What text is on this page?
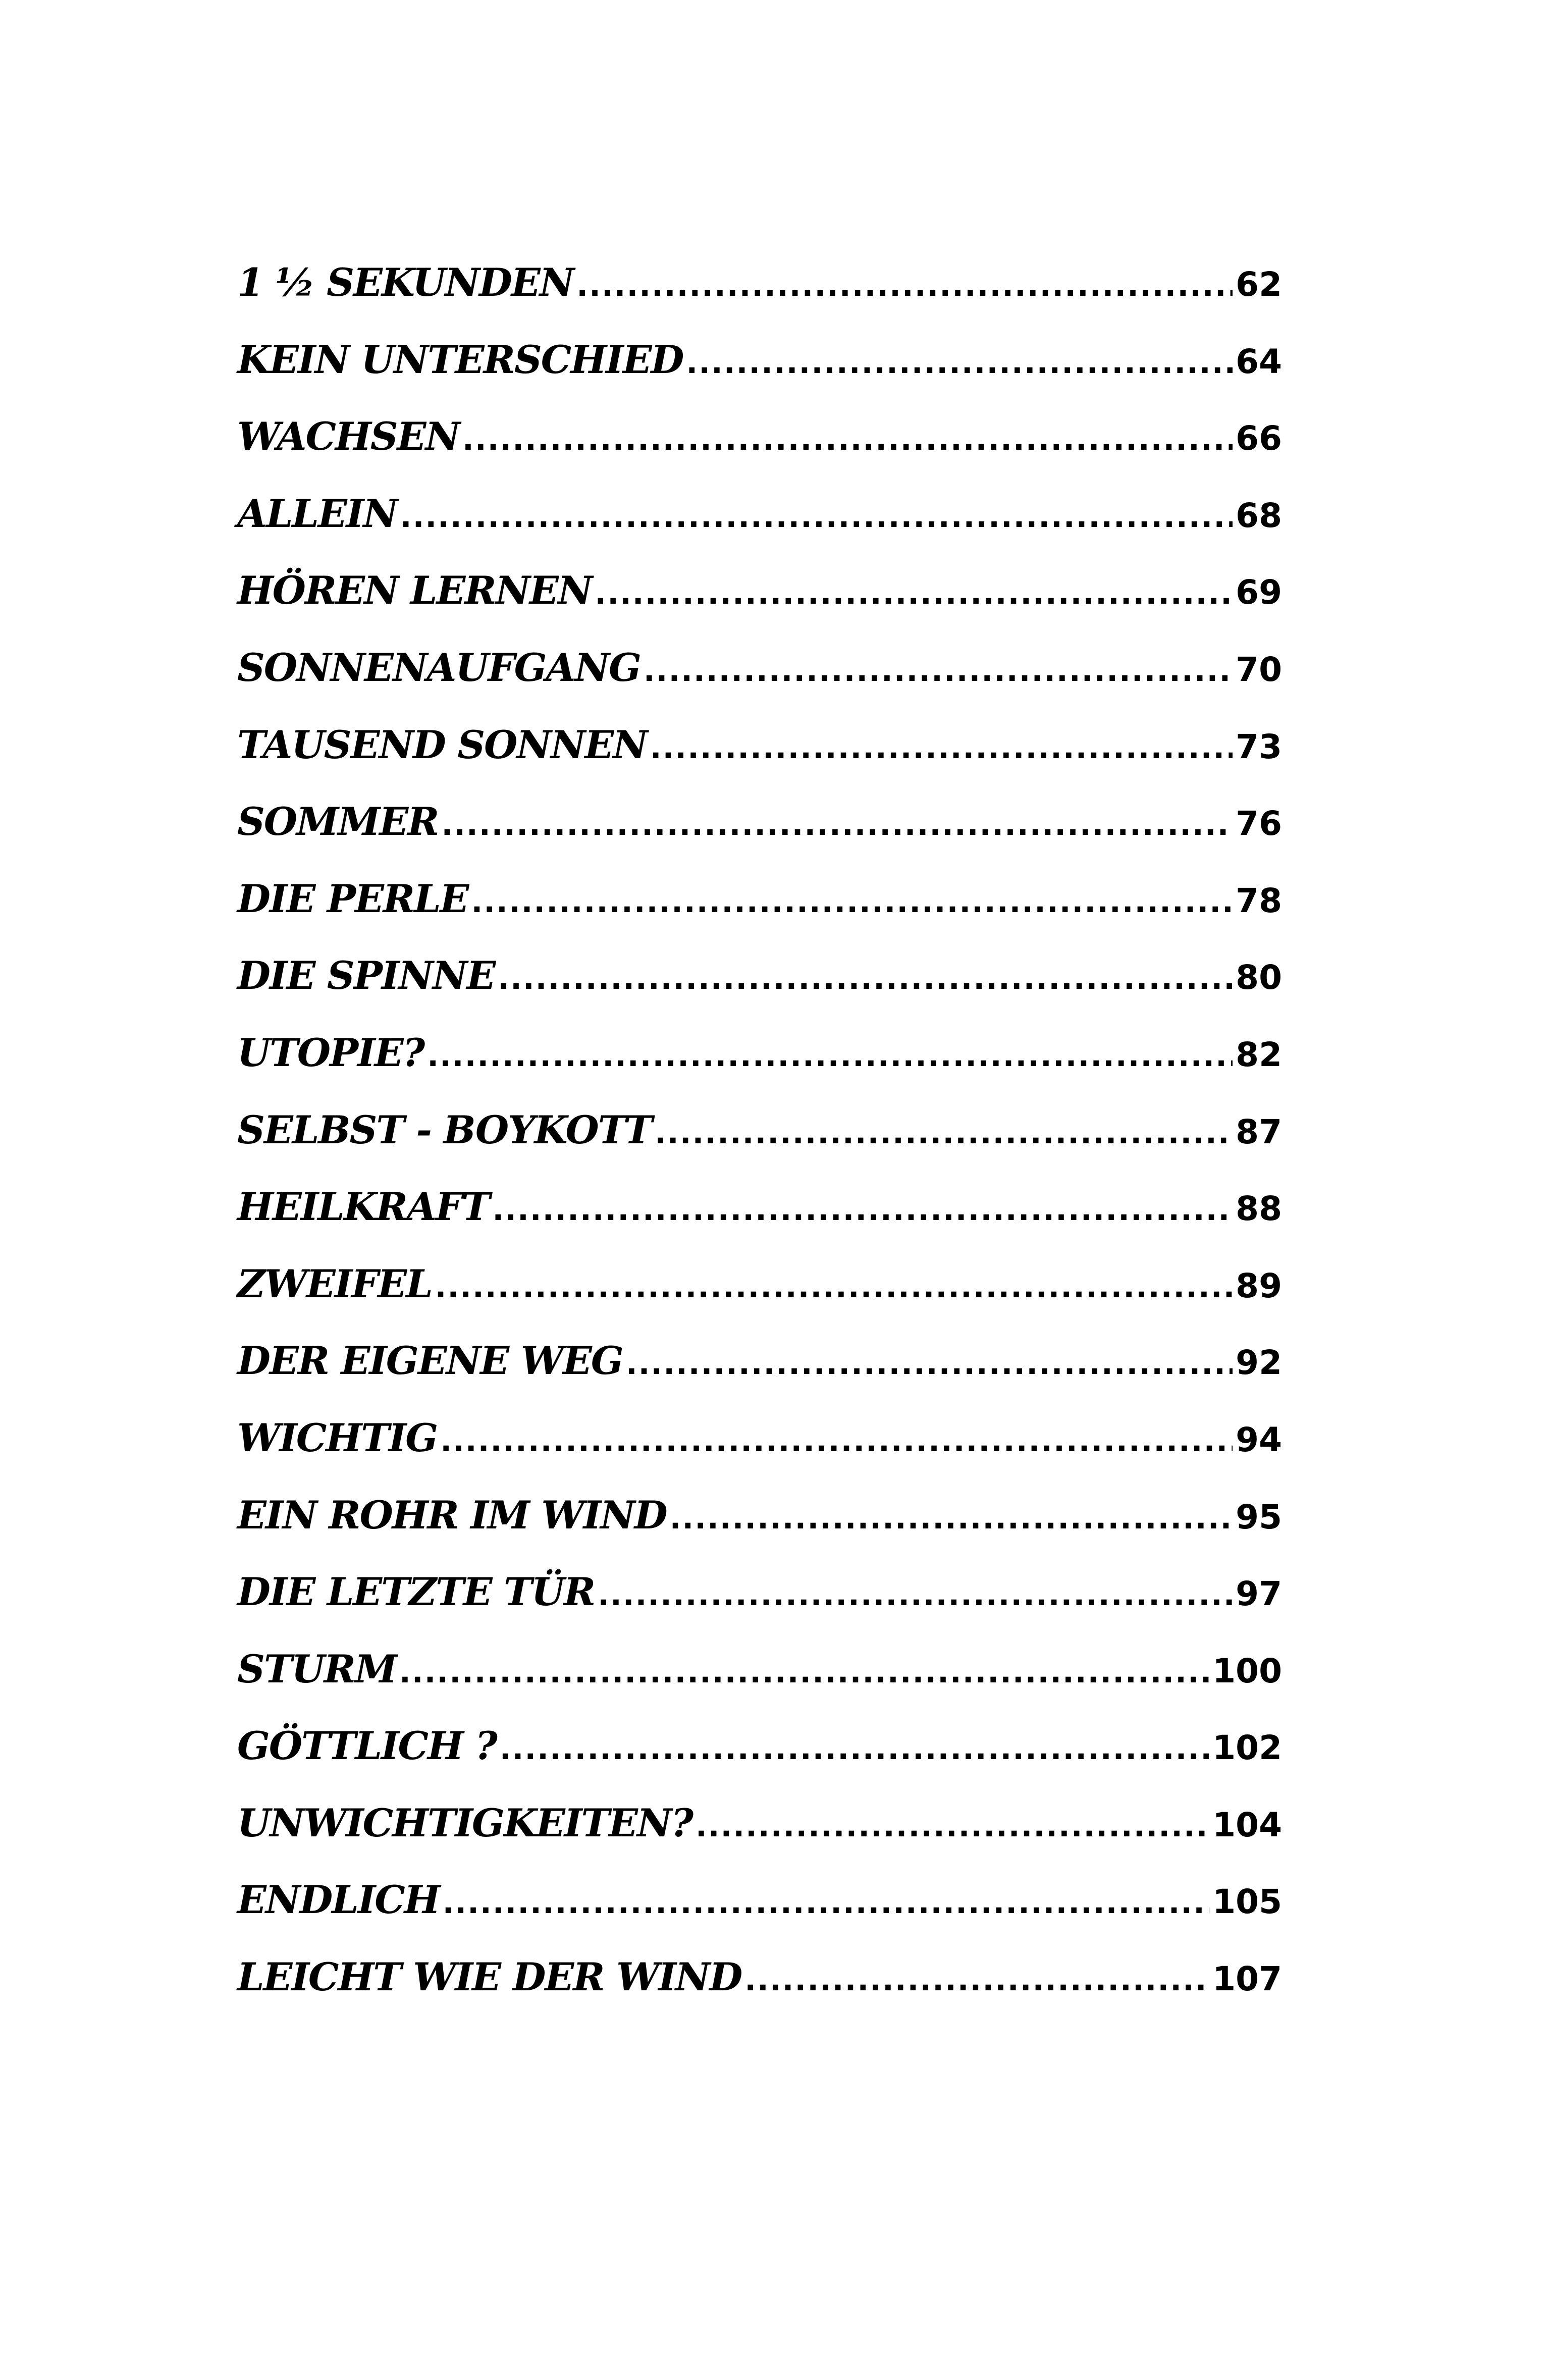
1 ½ SEKUNDEN .....	62
KEIN UNTERSCHIED .....	64
WACHSEN .....	66
ALLEIN .....	68
HÖREN LERNEN .....	69
SONNENAUFGANG .....	70
TAUSEND SONNEN .....	73
SOMMER .....	76
DIE PERLE .....	78
DIE SPINNE .....	80
UTOPIE? .....	82
SELBST - BOYKOTT .....	87
HEILKRAFT .....	88
ZWEIFEL .....	89
DER EIGENE WEG .....	92
WICHTIG .....	94
EIN ROHR IM WIND .....	95
DIE LETZTE TÜR .....	97
STURM .....	100
GÖTTLICH ? .....	102
UNWICHTIGKEITEN? .....	104
ENDLICH .....	105
LEICHT WIE DER WIND .....	107
